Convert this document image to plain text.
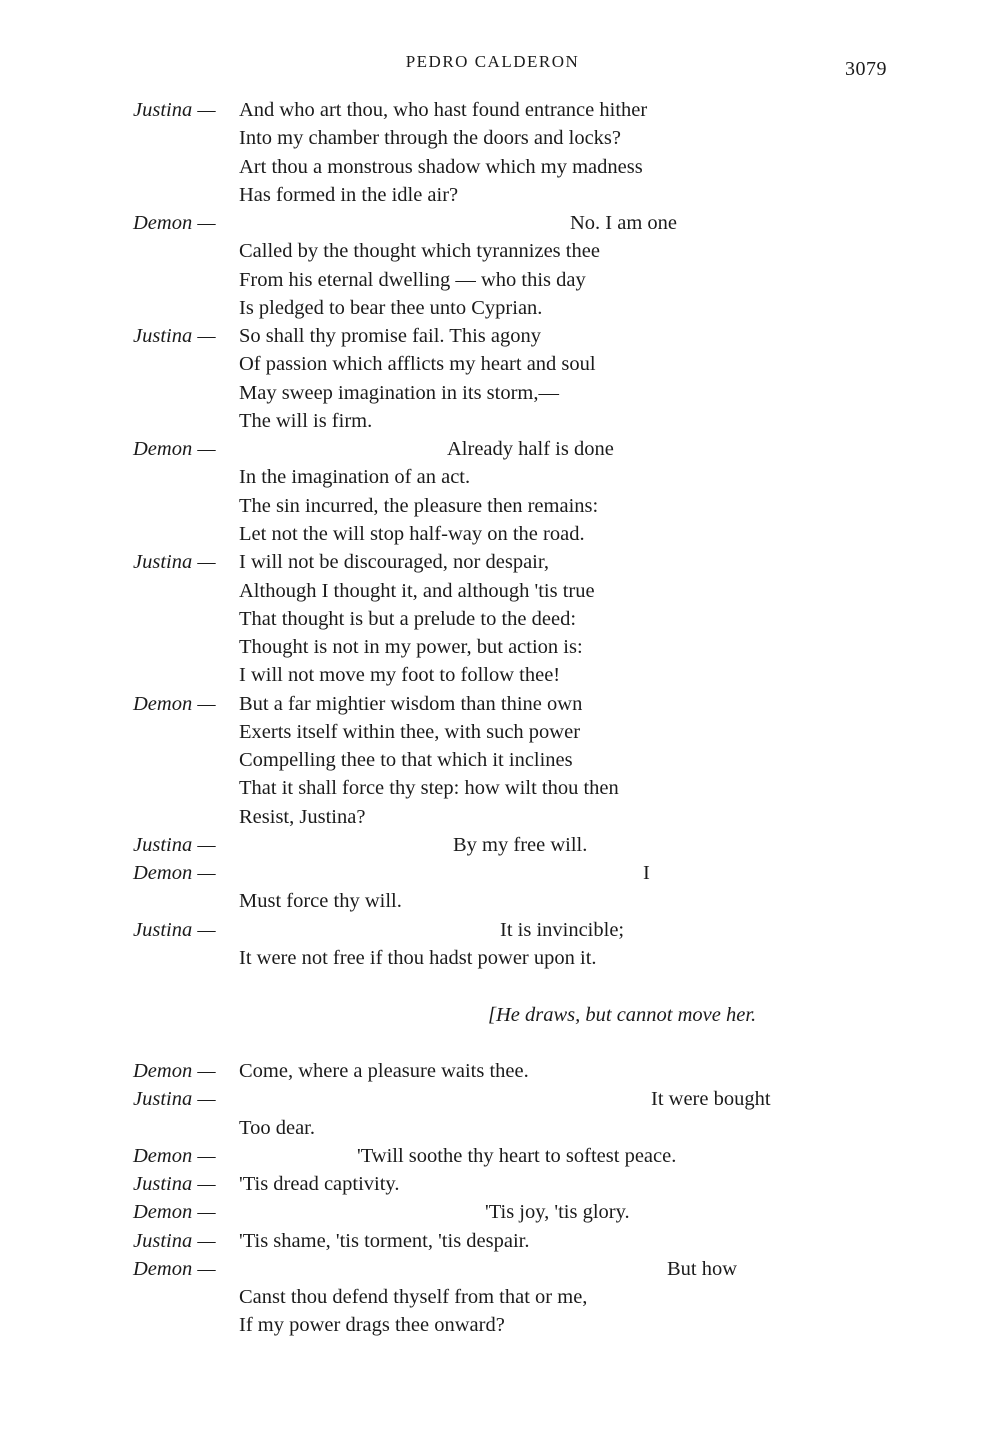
PEDRO CALDERON	3079
Justina — And who art thou, who hast found entrance hither
Into my chamber through the doors and locks?
Art thou a monstrous shadow which my madness
Has formed in the idle air?
Demon —	No. I am one
Called by the thought which tyrannizes thee
From his eternal dwelling — who this day
Is pledged to bear thee unto Cyprian.
Justina — So shall thy promise fail. This agony
Of passion which afflicts my heart and soul
May sweep imagination in its storm,—
The will is firm.
Demon —	Already half is done
In the imagination of an act.
The sin incurred, the pleasure then remains:
Let not the will stop half-way on the road.
Justina — I will not be discouraged, nor despair,
Although I thought it, and although 'tis true
That thought is but a prelude to the deed:
Thought is not in my power, but action is:
I will not move my foot to follow thee!
Demon — But a far mightier wisdom than thine own
Exerts itself within thee, with such power
Compelling thee to that which it inclines
That it shall force thy step: how wilt thou then
Resist, Justina?
Justina —	By my free will.
Demon —	I
Must force thy will.
Justina —	It is invincible;
It were not free if thou hadst power upon it.
[He draws, but cannot move her.
Demon — Come, where a pleasure waits thee.
Justina —	It were bought
Too dear.
Demon —	'Twill soothe thy heart to softest peace.
Justina — 'Tis dread captivity.
Demon —	'Tis joy, 'tis glory.
Justina — 'Tis shame, 'tis torment, 'tis despair.
Demon —	But how
Canst thou defend thyself from that or me,
If my power drags thee onward?
